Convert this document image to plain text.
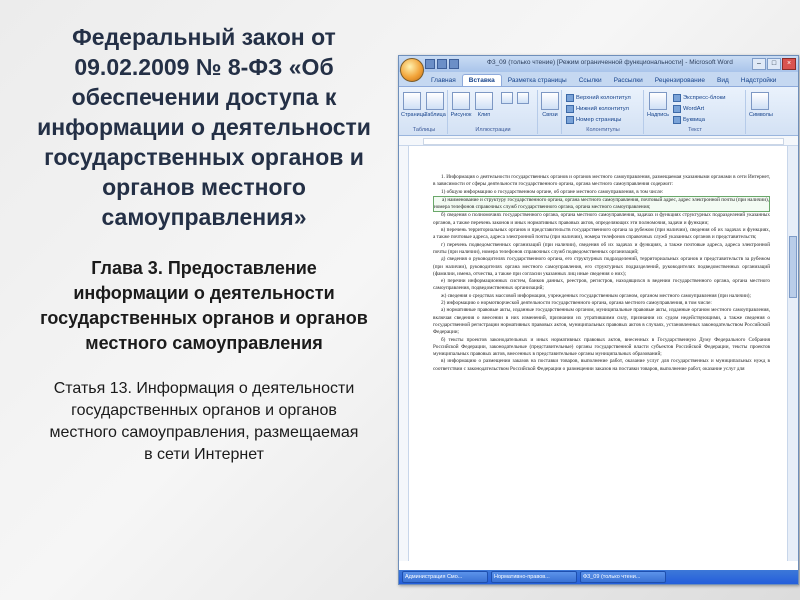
Федеральный закон от 09.02.2009 № 8-ФЗ «Об обеспечении доступа к информации о деятельности государственных органов и органов местного самоуправления»
Глава 3. Предоставление информации о деятельности государственных органов и органов местного самоуправления
Статья 13. Информация о деятельности государственных органов и органов местного самоуправления, размещаемая в сети Интернет
Ф3_09 (только чтение) [Режим ограниченной функциональности] - Microsoft Word	–	□	×
Главная	Вставка	Разметка страницы	Ссылки	Рассылки	Рецензирование	Вид	Надстройки
Страницы
Таблица
Таблицы
Рисунок	Клип
Иллюстрации
Связи
Верхний колонтитул
Нижний колонтитул
Номер страницы
Колонтитулы
Надпись
Экспресс-блоки
WordArt
Буквица
Текст
Символы

1. Информация о деятельности государственных органов и органов местного самоуправления, размещаемая указанными органами в сети Интернет, в зависимости от сферы деятельности государственного органа, органа местного самоуправления содержит:

1) общую информацию о государственном органе, об органе местного самоуправления, в том числе:

а) наименование и структуру государственного органа, органа местного самоуправления, почтовый адрес, адрес электронной почты (при наличии), номера телефонов справочных служб государственного органа, органа местного самоуправления;

б) сведения о полномочиях государственного органа, органа местного самоуправления, задачах и функциях структурных подразделений указанных органов, а также перечень законов и иных нормативных правовых актов, определяющих эти полномочия, задачи и функции;

в) перечень территориальных органов и представительств государственного органа за рубежом (при наличии), сведения об их задачах и функциях, а также почтовые адреса, адреса электронной почты (при наличии), номера телефонов справочных служб указанных органов и представительств;

г) перечень подведомственных организаций (при наличии), сведения об их задачах и функциях, а также почтовые адреса, адреса электронной почты (при наличии), номера телефонов справочных служб подведомственных организаций;

д) сведения о руководителях государственного органа, его структурных подразделений, территориальных органов и представительств за рубежом (при наличии), руководителях органа местного самоуправления, его структурных подразделений, руководителях подведомственных организаций (фамилии, имена, отчества, а также при согласии указанных лиц иные сведения о них);

е) перечни информационных систем, банков данных, реестров, регистров, находящихся в ведении государственного органа, органа местного самоуправления, подведомственных организаций;

ж) сведения о средствах массовой информации, учрежденных государственным органом, органом местного самоуправления (при наличии);

2) информацию о нормотворческой деятельности государственного органа, органа местного самоуправления, в том числе:

а) нормативные правовые акты, изданные государственным органом, муниципальные правовые акты, изданные органом местного самоуправления, включая сведения о внесении в них изменений, признании их утратившими силу, признании их судом недействующими, а также сведения о государственной регистрации нормативных правовых актов, муниципальных правовых актов в случаях, установленных законодательством Российской Федерации;

б) тексты проектов законодательных и иных нормативных правовых актов, внесенных в Государственную Думу Федерального Собрания Российской Федерации, законодательные (представительные) органы государственной власти субъектов Российской Федерации, тексты проектов муниципальных правовых актов, внесенных в представительные органы муниципальных образований;

в) информацию о размещении заказов на поставки товаров, выполнение работ, оказание услуг для государственных и муниципальных нужд в соответствии с законодательством Российской Федерации о размещении заказов на поставки товаров, выполнение работ, оказание услуг для

Администрация Смо...	Нормативно-правов...	Ф3_09 (только чтени...
